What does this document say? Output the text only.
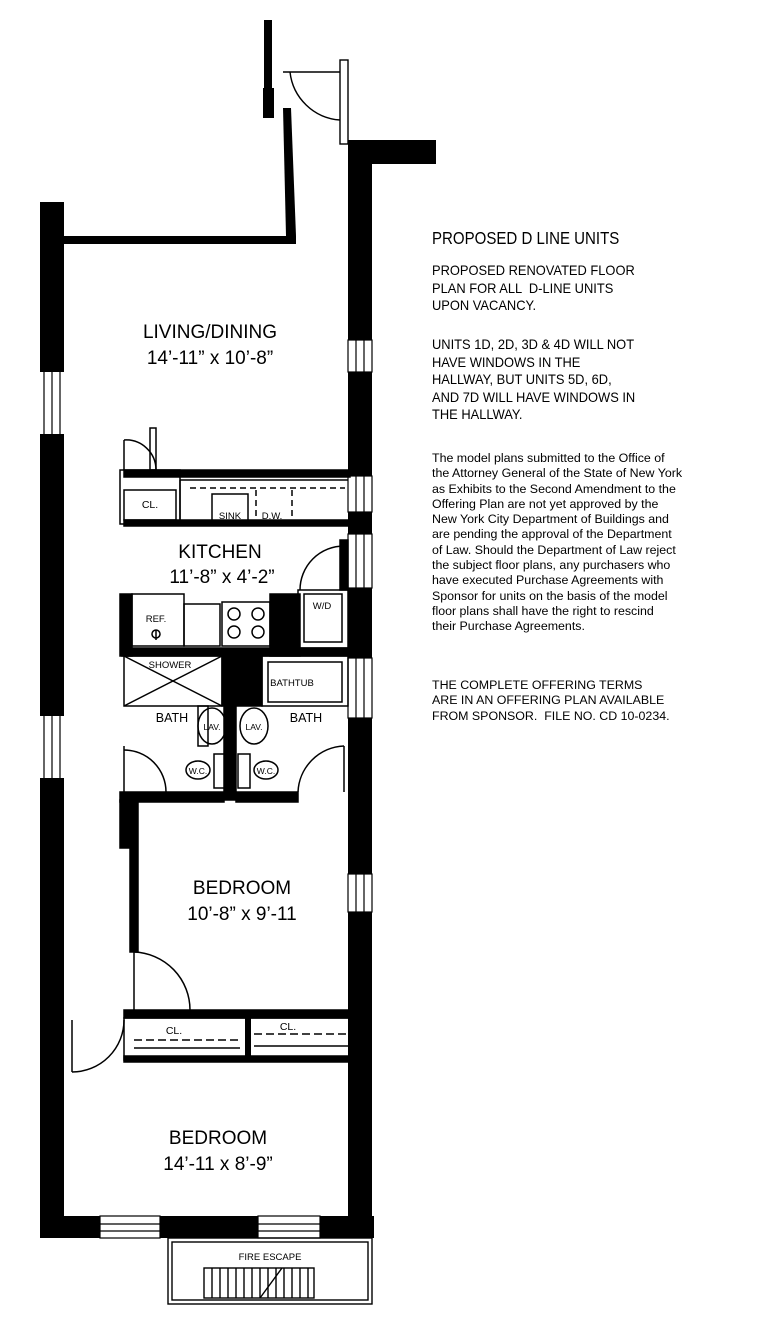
LIVING/DINING
14’-11” x 10’-8”
KITCHEN
11’-8” x 4’-2”
BEDROOM
10’-8” x 9’-11
BEDROOM
14’-11 x 8’-9”
BATH	BATH
CL.
SINK D.W.
REF.
W/D
SHOWER
BATHTUB
LAV.	LAV.
W.C.	W.C.
CL.	CL.
FIRE ESCAPE
PROPOSED D LINE UNITS
PROPOSED RENOVATED FLOOR
PLAN FOR ALL  D-LINE UNITS
UPON VACANCY.
UNITS 1D, 2D, 3D & 4D WILL NOT
HAVE WINDOWS IN THE
HALLWAY, BUT UNITS 5D, 6D,
AND 7D WILL HAVE WINDOWS IN
THE HALLWAY.
The model plans submitted to the Office of
the Attorney General of the State of New York
as Exhibits to the Second Amendment to the
Offering Plan are not yet approved by the
New York City Department of Buildings and
are pending the approval of the Department
of Law. Should the Department of Law reject
the subject floor plans, any purchasers who
have executed Purchase Agreements with
Sponsor for units on the basis of the model
floor plans shall have the right to rescind
their Purchase Agreements.
THE COMPLETE OFFERING TERMS
ARE IN AN OFFERING PLAN AVAILABLE
FROM SPONSOR.  FILE NO. CD 10-0234.
